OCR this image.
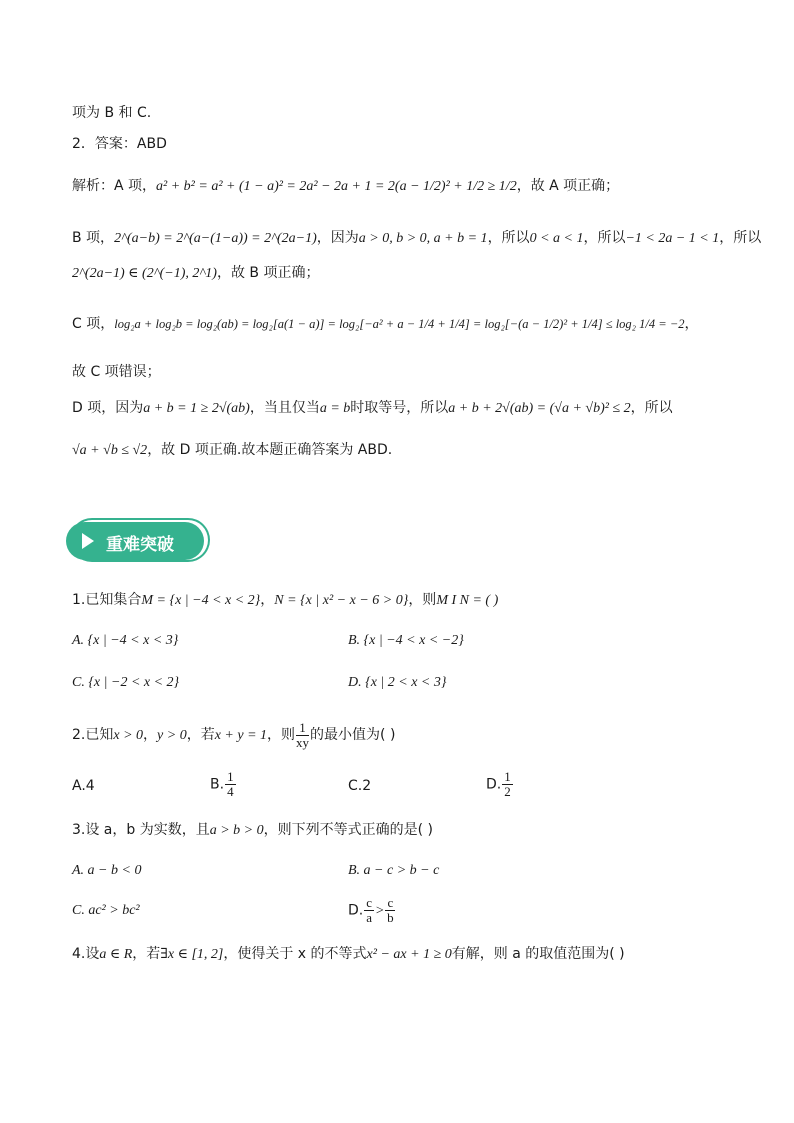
项为 B 和 C.
2．答案：ABD
解析：A 项，a² + b² = a² + (1 − a)² = 2a² − 2a + 1 = 2(a − 1/2)² + 1/2 ≥ 1/2，故 A 项正确；
B 项，2^(a−b) = 2^(a−(1−a)) = 2^(2a−1)，因为a > 0, b > 0, a + b = 1，所以0 < a < 1，所以−1 < 2a − 1 < 1，所以
2^(2a−1) ∈ (2^(−1), 2^1)，故 B 项正确；
C 项，log₂a + log₂b = log₂(ab) = log₂[a(1 − a)] = log₂[−a² + a − 1/4 + 1/4] = log₂[−(a − 1/2)² + 1/4] ≤ log₂ 1/4 = −2，
故 C 项错误；
D 项，因为a + b = 1 ≥ 2√(ab)，当且仅当a = b时取等号，所以a + b + 2√(ab) = (√a + √b)² ≤ 2，所以
√a + √b ≤ √2，故 D 项正确.故本题正确答案为 ABD.
重难突破
1.已知集合M = {x | −4 < x < 2}，N = {x | x² − x − 6 > 0}，则M I N = ( )
A. {x | −4 < x < 3}	B. {x | −4 < x < −2}
C. {x | −2 < x < 2}	D. {x | 2 < x < 3}
2.已知x > 0，y > 0，若x + y = 1，则 $\frac{1}{xy}$ 的最小值为( )
A.4	B. $\frac{1}{4}$	C.2	D. $\frac{1}{2}$
3.设 a，b 为实数，且a > b > 0，则下列不等式正确的是( )
A. a − b < 0	B. a − c > b − c
C. ac² > bc²	D. $\frac{c}{a} > \frac{c}{b}$
4.设a ∈ R，若∃x ∈ [1, 2]，使得关于 x 的不等式x² − ax + 1 ≥ 0有解，则 a 的取值范围为( )
